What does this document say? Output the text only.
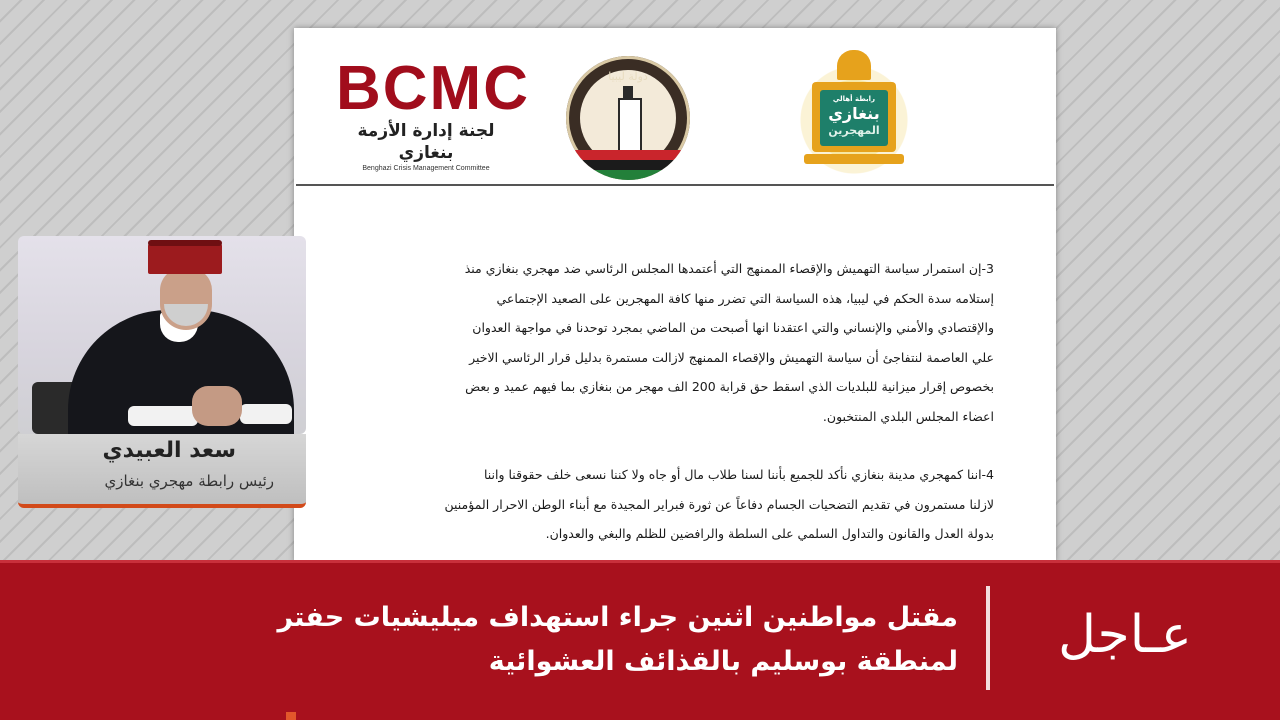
BCMC
لجنة إدارة الأزمة بنغازي
Benghazi Crisis Management Committee
دولة ليبيا
رابطة أهالي
بنغازي
المهجرين

3-إن استمرار سياسة التهميش والإقصاء الممنهج التي أعتمدها المجلس الرئاسي ضد مهجري بنغازي منذ

إستلامه سدة الحكم في ليبيا، هذه السياسة التي تضرر منها كافة المهجرين على الصعيد الإجتماعي

والإقتصادي والأمني والإنساني والتي اعتقدنا انها أصبحت من الماضي بمجرد توحدنا في مواجهة العدوان

علي العاصمة لنتفاجئ أن سياسة التهميش والإقصاء الممنهج لازالت مستمرة بدليل قرار الرئاسي الاخير

بخصوص إقرار ميزانية للبلديات الذي اسقط حق قرابة 200 الف مهجر من بنغازي بما فيهم عميد و بعض

اعضاء المجلس البلدي المنتخبون.

4-اننا كمهجري مدينة بنغازي نأكد للجميع بأننا لسنا طلاب مال أو جاه ولا كننا نسعى خلف حقوقنا واننا

لازلنا مستمرون في تقديم التضحيات الجسام دفاعاً عن ثورة فبراير المجيدة مع أبناء الوطن الاحرار المؤمنين

بدولة العدل والقانون والتداول السلمي على السلطة والرافضين للظلم والبغي والعدوان.

سعد العبيدي
رئيس رابطة مهجري بنغازي
مقتل مواطنين اثنين جراء استهداف ميليشيات حفتر
لمنطقة بوسليم بالقذائف العشوائية	عـاجل
